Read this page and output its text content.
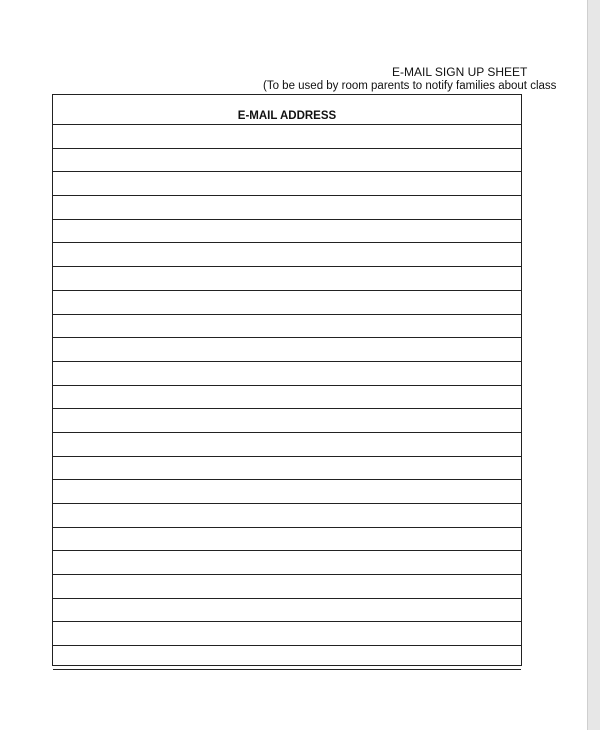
E-MAIL SIGN UP SHEET
(To be used by room parents to notify families about class
E-MAIL ADDRESS
